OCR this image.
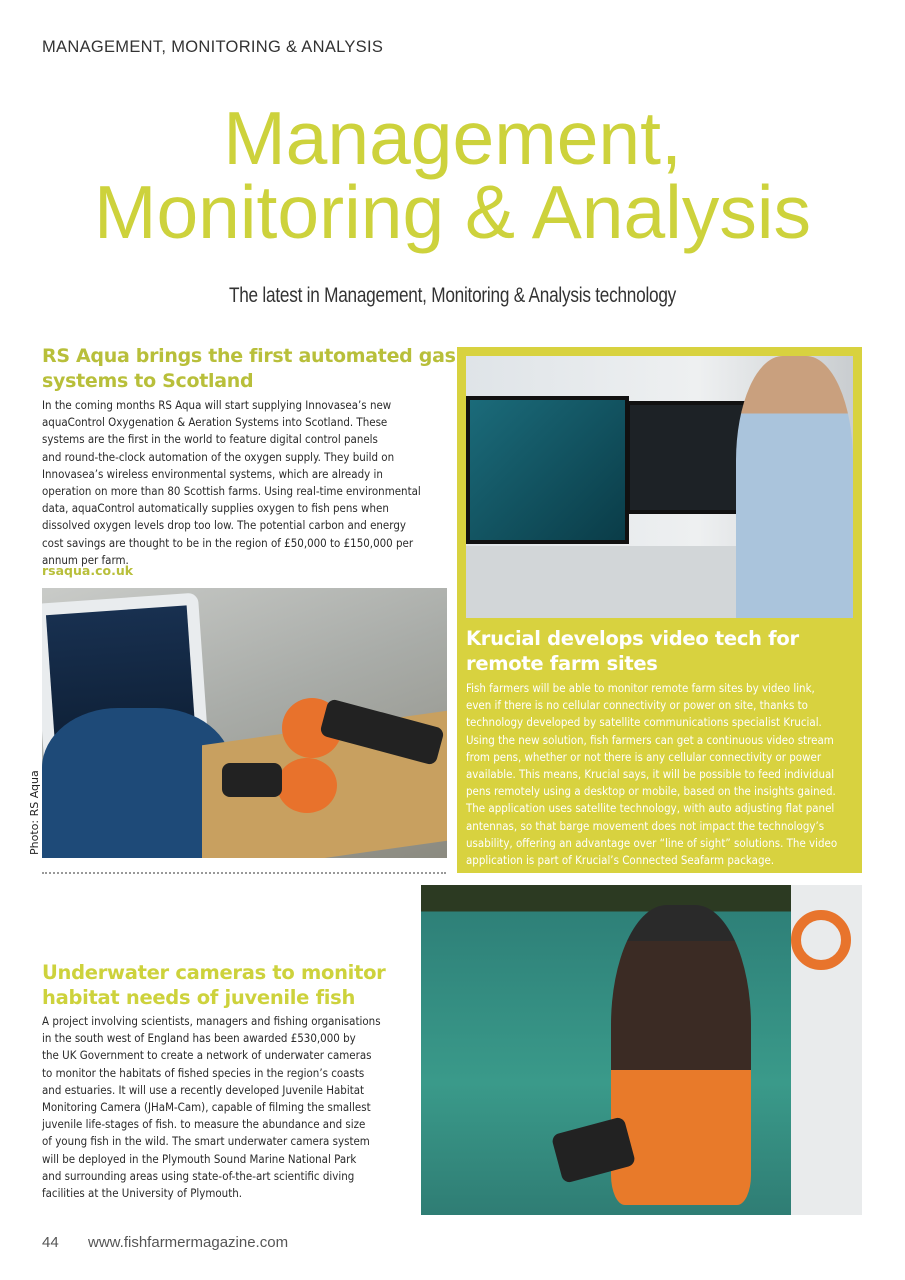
MANAGEMENT, MONITORING & ANALYSIS
Management,
Monitoring & Analysis
The latest in Management, Monitoring & Analysis technology
RS Aqua brings the first automated gas
systems to Scotland
In the coming months RS Aqua will start supplying Innovasea’s new
aquaControl Oxygenation & Aeration Systems into Scotland. These
systems are the first in the world to feature digital control panels
and round-the-clock automation of the oxygen supply. They build on
Innovasea’s wireless environmental systems, which are already in
operation on more than 80 Scottish farms. Using real-time environmental
data, aquaControl automatically supplies oxygen to fish pens when
dissolved oxygen levels drop too low. The potential carbon and energy
cost savings are thought to be in the region of £50,000 to £150,000 per
annum per farm.
rsaqua.co.uk
Photo: RS Aqua
Krucial develops video tech for
remote farm sites
Fish farmers will be able to monitor remote farm sites by video link,
even if there is no cellular connectivity or power on site, thanks to
technology developed by satellite communications specialist Krucial.
Using the new solution, fish farmers can get a continuous video stream
from pens, whether or not there is any cellular connectivity or power
available. This means, Krucial says, it will be possible to feed individual
pens remotely using a desktop or mobile, based on the insights gained.
The application uses satellite technology, with auto adjusting flat panel
antennas, so that barge movement does not impact the technology’s
usability, offering an advantage over “line of sight” solutions. The video
application is part of Krucial’s Connected Seafarm package.
Underwater cameras to monitor
habitat needs of juvenile fish
A project involving scientists, managers and fishing organisations
in the south west of England has been awarded £530,000 by
the UK Government to create a network of underwater cameras
to monitor the habitats of fished species in the region’s coasts
and estuaries. It will use a recently developed Juvenile Habitat
Monitoring Camera (JHaM-Cam), capable of filming the smallest
juvenile life-stages of fish. to measure the abundance and size
of young fish in the wild. The smart underwater camera system
will be deployed in the Plymouth Sound Marine National Park
and surrounding areas using state-of-the-art scientific diving
facilities at the University of Plymouth.
44 www.fishfarmermagazine.com
